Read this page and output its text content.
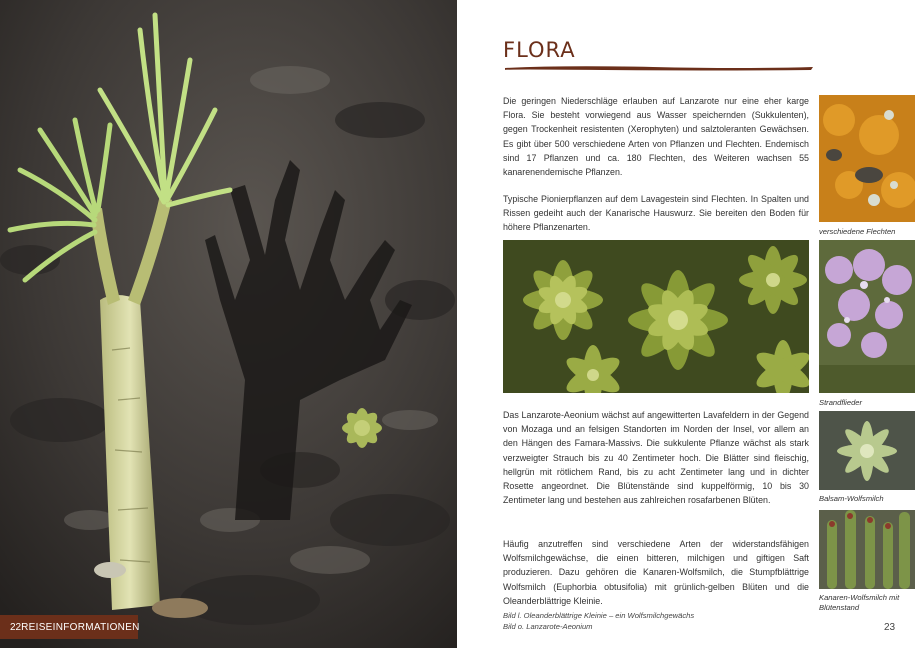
22 REISEINFORMATIONEN
FLORA

Die geringen Niederschläge erlauben auf Lanzarote nur eine eher karge Flora. Sie besteht vorwiegend aus Wasser speichernden (Sukkulenten), gegen Trockenheit resistenten (Xerophyten) und salztoleranten Gewächsen. Es gibt über 500 verschiedene Arten von Pflanzen und Flechten. Endemisch sind 17 Pflanzen und ca. 180 Flechten, des Weiteren wachsen 55 kanarenendemische Pflanzen.

Typische Pionierpflanzen auf dem Lavagestein sind Flechten. In Spalten und Rissen gedeiht auch der Kanarische Hauswurz. Sie bereiten den Boden für höhere Pflanzenarten.

Das Lanzarote-Aeonium wächst auf angewitterten Lavafeldern in der Gegend von Mozaga und an felsigen Standorten im Norden der Insel, vor allem an den Hängen des Famara-Massivs. Die sukkulente Pflanze wächst als stark verzweigter Strauch bis zu 40 Zentimeter hoch. Die Blätter sind fleischig, hellgrün mit rötlichem Rand, bis zu acht Zentimeter lang und in dichter Rosette angeordnet. Die Blütenstände sind kuppelförmig, 10 bis 30 Zentimeter lang und bestehen aus zahlreichen rosafarbenen Blüten.

Häufig anzutreffen sind verschiedene Arten der widerstandsfähigen Wolfsmilchgewächse, die einen bitteren, milchigen und giftigen Saft produzieren. Dazu gehören die Kanaren-Wolfsmilch, die Stumpfblättrige Wolfsmilch (Euphorbia obtusifolia) mit grünlich-gelben Blüten und die Oleanderblättrige Kleinie.

Bild l. Oleanderblättrige Kleinie – ein Wolfsmilchgewächs
Bild o. Lanzarote-Aeonium

verschiedene Flechten

Strandflieder

Balsam-Wolfsmilch

Kanaren-Wolfsmilch mit Blütenstand

23
